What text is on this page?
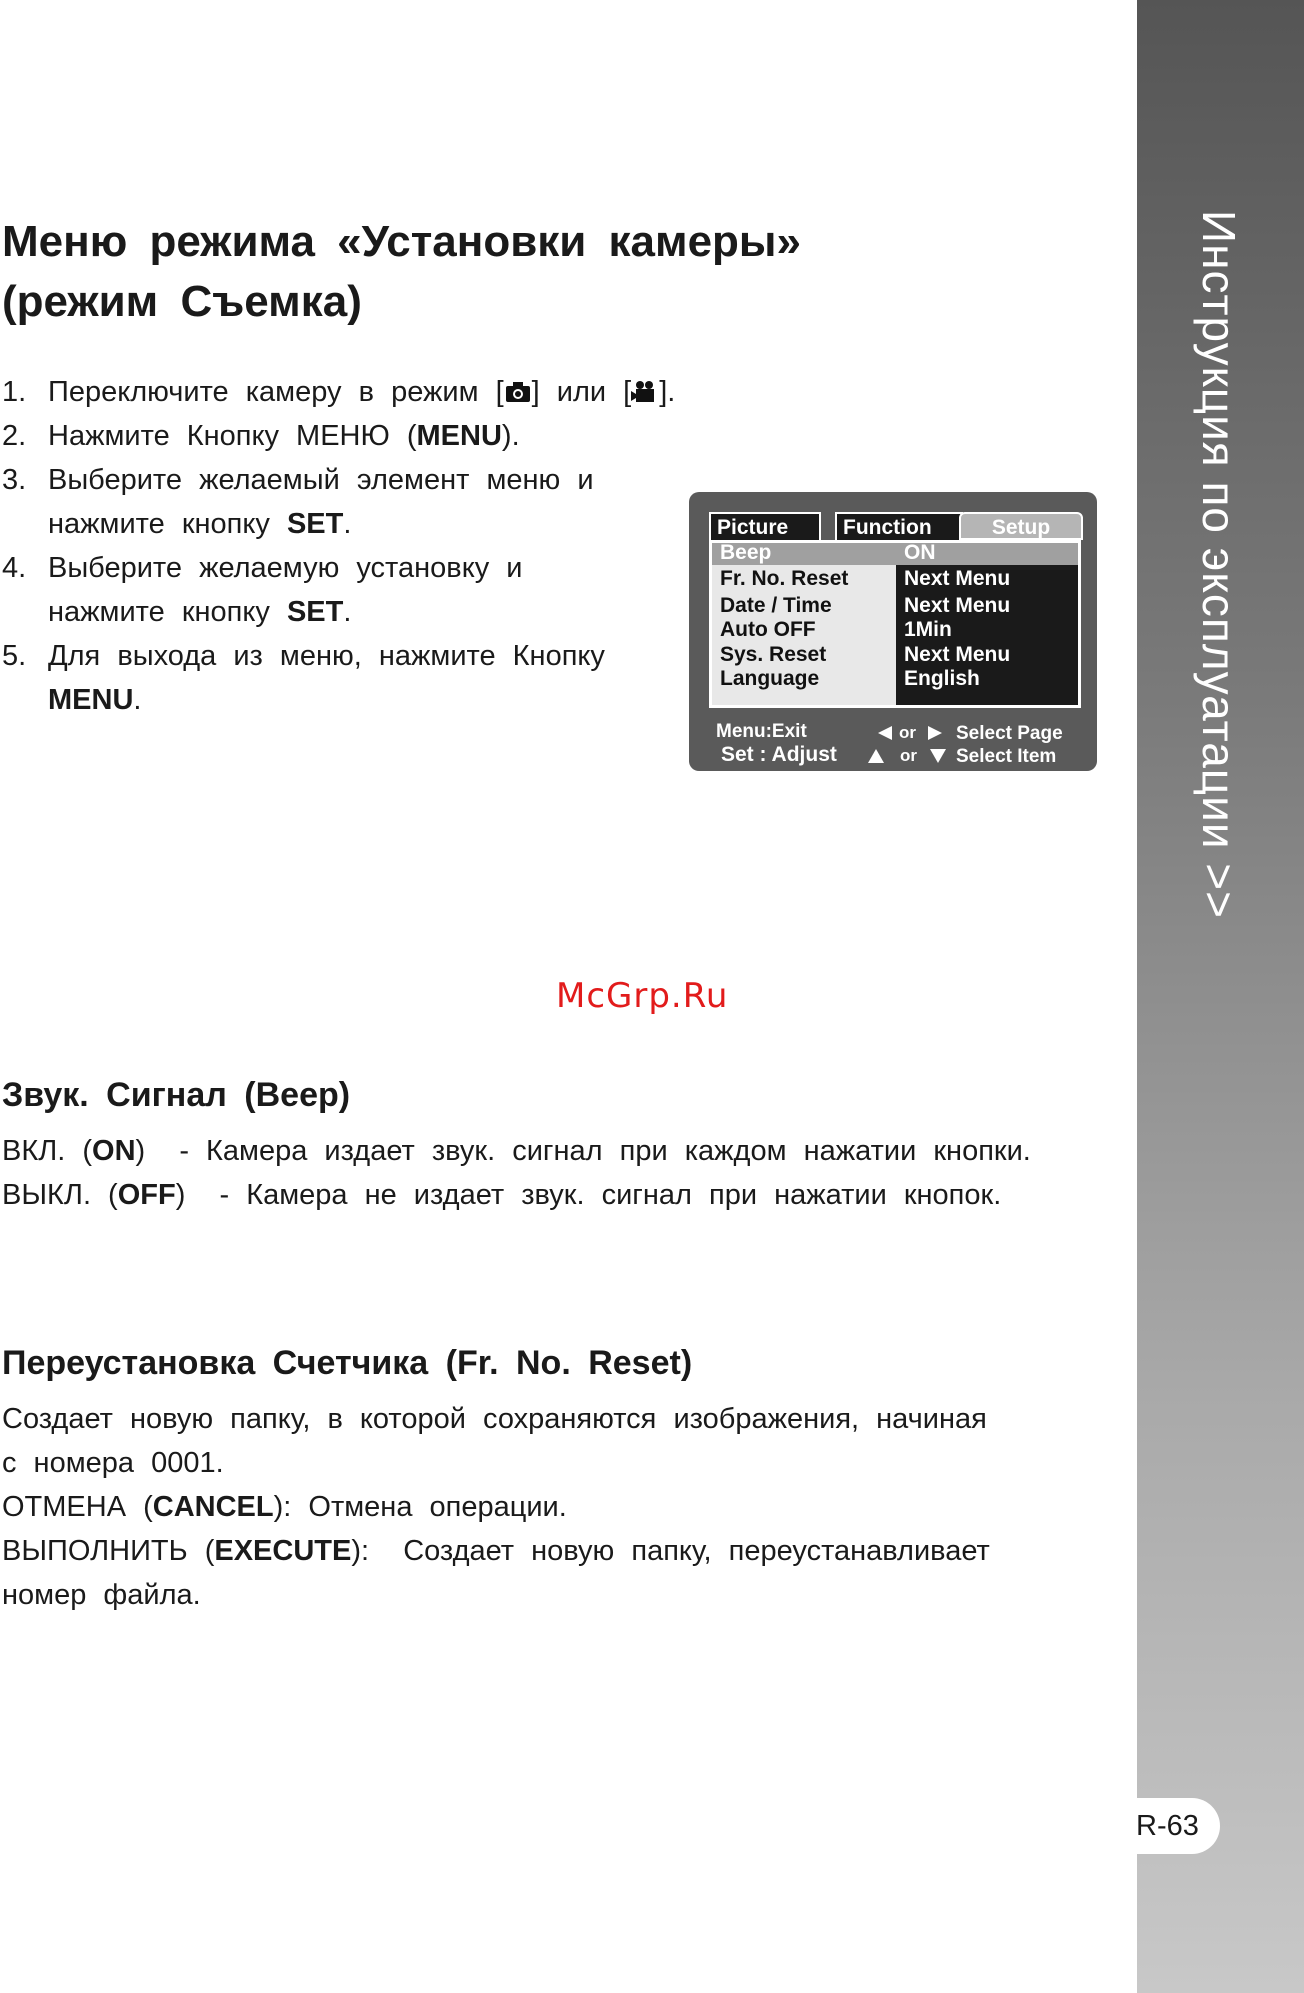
Инструкция по эксплуатации >>
R-63
Меню режима «Установки камеры»
(режим Съемка)
1. Переключите камеру в режим [ ] или [ ].
2. Нажмите Кнопку МЕНЮ (MENU).
3. Выберите желаемый элемент меню и нажмите кнопку SET.
4. Выберите желаемую установку и нажмите кнопку SET.
5. Для выхода из меню, нажмите Кнопку MENU.
Picture	Function	Setup
Beep	ON
Fr. No. Reset	Next Menu
Date / Time	Next Menu
Auto OFF	1Min
Sys. Reset	Next Menu
Language	English
Menu:Exit
Set : Adjust
or Select Page
or Select Item
McGrp.Ru
Звук. Сигнал (Beep)

ВКЛ. (ON)  - Камера издает звук. сигнал при каждом нажатии кнопки.

ВЫКЛ. (OFF)  - Камера не издает звук. сигнал при нажатии кнопок.

Переустановка Счетчика (Fr. No. Reset)

Создает новую папку, в которой сохраняются изображения, начиная

с номера 0001.

ОТМЕНА (CANCEL): Отмена операции.

ВЫПОЛНИТЬ (EXECUTE):  Создает новую папку, переустанавливает

номер файла.
